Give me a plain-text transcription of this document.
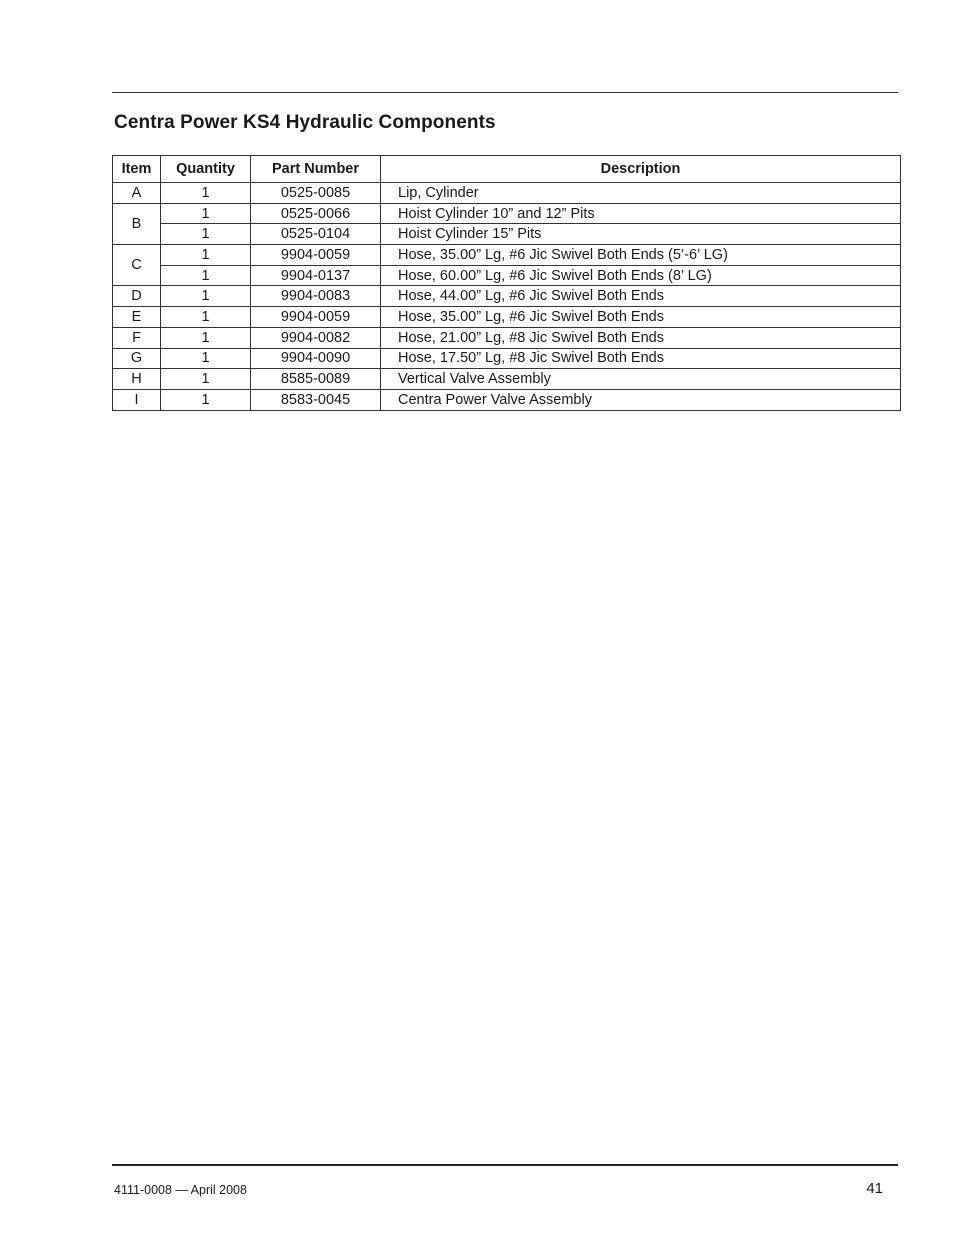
Centra Power KS4 Hydraulic Components
Item	Quantity	Part Number	Description
A	1	0525-0085	Lip, Cylinder
B	1	0525-0066	Hoist Cylinder 10” and 12” Pits
	1	0525-0104	Hoist Cylinder 15” Pits
C	1	9904-0059	Hose, 35.00” Lg, #6 Jic Swivel Both Ends (5’-6’ LG)
	1	9904-0137	Hose, 60.00” Lg, #6 Jic Swivel Both Ends (8’ LG)
D	1	9904-0083	Hose, 44.00” Lg, #6 Jic Swivel Both Ends
E	1	9904-0059	Hose, 35.00” Lg, #6 Jic Swivel Both Ends
F	1	9904-0082	Hose, 21.00” Lg, #8 Jic Swivel Both Ends
G	1	9904-0090	Hose, 17.50” Lg, #8 Jic Swivel Both Ends
H	1	8585-0089	Vertical Valve Assembly
I	1	8583-0045	Centra Power Valve Assembly
4111-0008 — April 2008	41
